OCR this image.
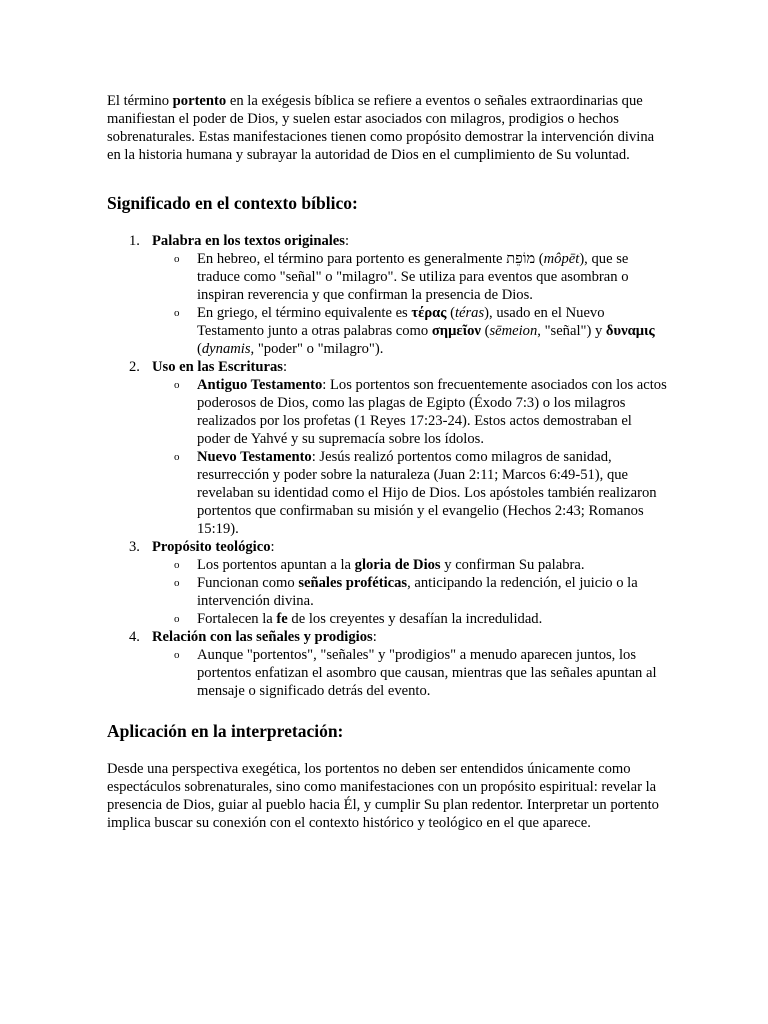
El término portento en la exégesis bíblica se refiere a eventos o señales extraordinarias que manifiestan el poder de Dios, y suelen estar asociados con milagros, prodigios o hechos sobrenaturales. Estas manifestaciones tienen como propósito demostrar la intervención divina en la historia humana y subrayar la autoridad de Dios en el cumplimiento de Su voluntad.

Significado en el contexto bíblico:
1. Palabra en los textos originales:
o En hebreo, el término para portento es generalmente מוֹפֵת (môpēt), que se traduce como "señal" o "milagro". Se utiliza para eventos que asombran o inspiran reverencia y que confirman la presencia de Dios.
o En griego, el término equivalente es τέρας (téras), usado en el Nuevo Testamento junto a otras palabras como σημεῖον (sēmeion, "señal") y δυναμις (dynamis, "poder" o "milagro").
2. Uso en las Escrituras:
o Antiguo Testamento: Los portentos son frecuentemente asociados con los actos poderosos de Dios, como las plagas de Egipto (Éxodo 7:3) o los milagros realizados por los profetas (1 Reyes 17:23-24). Estos actos demostraban el poder de Yahvé y su supremacía sobre los ídolos.
o Nuevo Testamento: Jesús realizó portentos como milagros de sanidad, resurrección y poder sobre la naturaleza (Juan 2:11; Marcos 6:49-51), que revelaban su identidad como el Hijo de Dios. Los apóstoles también realizaron portentos que confirmaban su misión y el evangelio (Hechos 2:43; Romanos 15:19).
3. Propósito teológico:
o Los portentos apuntan a la gloria de Dios y confirman Su palabra.
o Funcionan como señales proféticas, anticipando la redención, el juicio o la intervención divina.
o Fortalecen la fe de los creyentes y desafían la incredulidad.
4. Relación con las señales y prodigios:
o Aunque "portentos", "señales" y "prodigios" a menudo aparecen juntos, los portentos enfatizan el asombro que causan, mientras que las señales apuntan al mensaje o significado detrás del evento.
Aplicación en la interpretación:

Desde una perspectiva exegética, los portentos no deben ser entendidos únicamente como espectáculos sobrenaturales, sino como manifestaciones con un propósito espiritual: revelar la presencia de Dios, guiar al pueblo hacia Él, y cumplir Su plan redentor. Interpretar un portento implica buscar su conexión con el contexto histórico y teológico en el que aparece.
